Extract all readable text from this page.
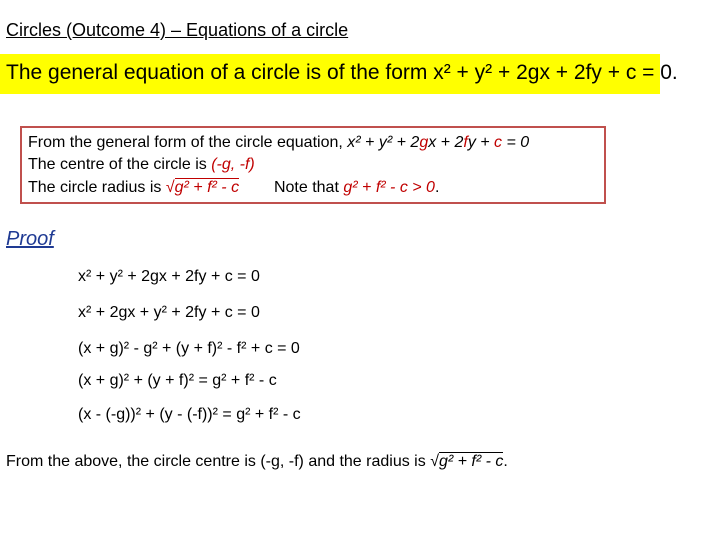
Circles (Outcome 4) – Equations of a circle
The general equation of a circle is of the form x² + y² + 2gx + 2fy + c = 0.
From the general form of the circle equation, x² + y² + 2gx + 2fy + c = 0
The centre of the circle is (-g, -f)
The circle radius is √g² + f² - c Note that g² + f² - c > 0.
Proof
x² + y² + 2gx + 2fy + c = 0
x² + 2gx + y² + 2fy + c = 0
(x + g)² - g² + (y + f)² - f² + c = 0
(x + g)² + (y + f)² = g² + f² - c
(x - (-g))² + (y - (-f))² = g² + f² - c
From the above, the circle centre is (-g, -f) and the radius is √g² + f² - c.
